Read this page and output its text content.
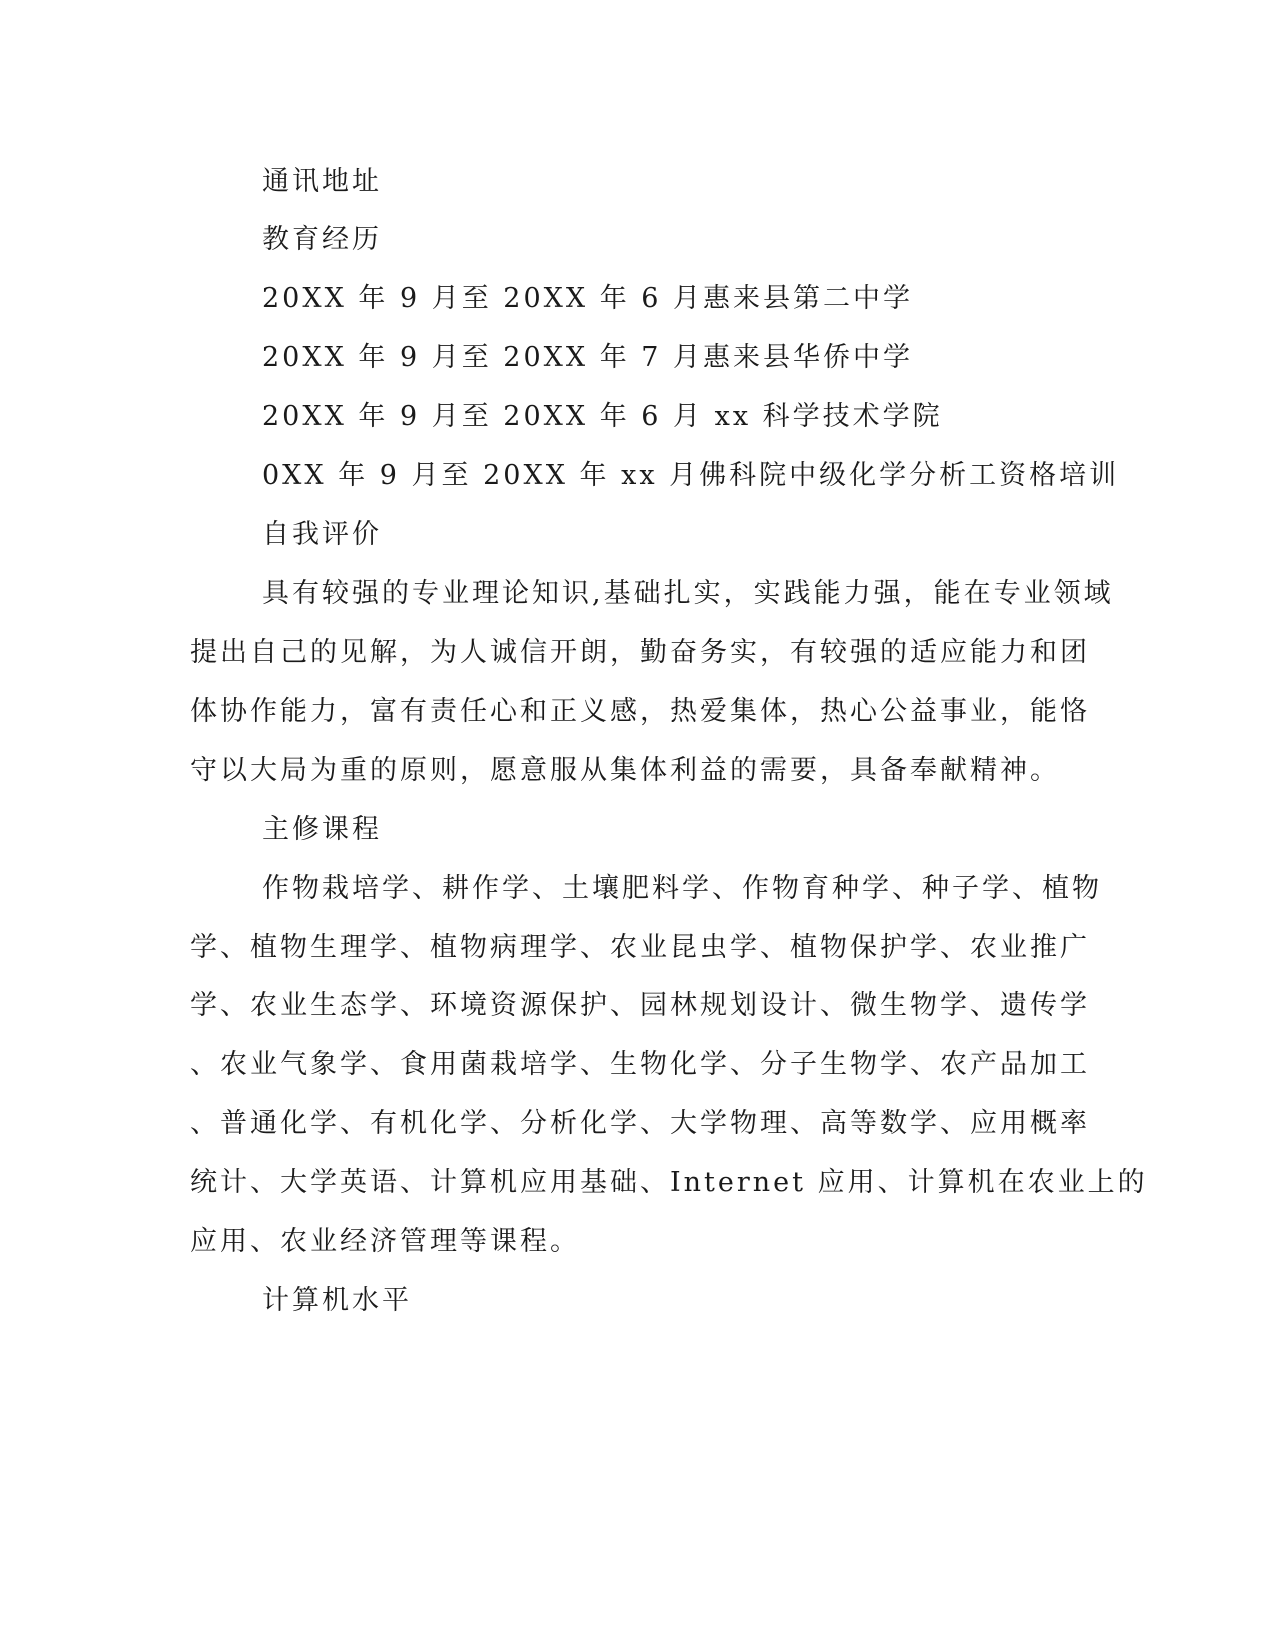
通讯地址
教育经历
20XX 年 9 月至 20XX 年 6 月惠来县第二中学
20XX 年 9 月至 20XX 年 7 月惠来县华侨中学
20XX 年 9 月至 20XX 年 6 月 xx 科学技术学院
0XX 年 9 月至 20XX 年 xx 月佛科院中级化学分析工资格培训
自我评价
具有较强的专业理论知识,基础扎实，实践能力强，能在专业领域
提出自己的见解，为人诚信开朗，勤奋务实，有较强的适应能力和团
体协作能力，富有责任心和正义感，热爱集体，热心公益事业，能恪
守以大局为重的原则，愿意服从集体利益的需要，具备奉献精神。
主修课程
作物栽培学、耕作学、土壤肥料学、作物育种学、种子学、植物
学、植物生理学、植物病理学、农业昆虫学、植物保护学、农业推广
学、农业生态学、环境资源保护、园林规划设计、微生物学、遗传学
、农业气象学、食用菌栽培学、生物化学、分子生物学、农产品加工
、普通化学、有机化学、分析化学、大学物理、高等数学、应用概率
统计、大学英语、计算机应用基础、Internet 应用、计算机在农业上的
应用、农业经济管理等课程。
计算机水平
